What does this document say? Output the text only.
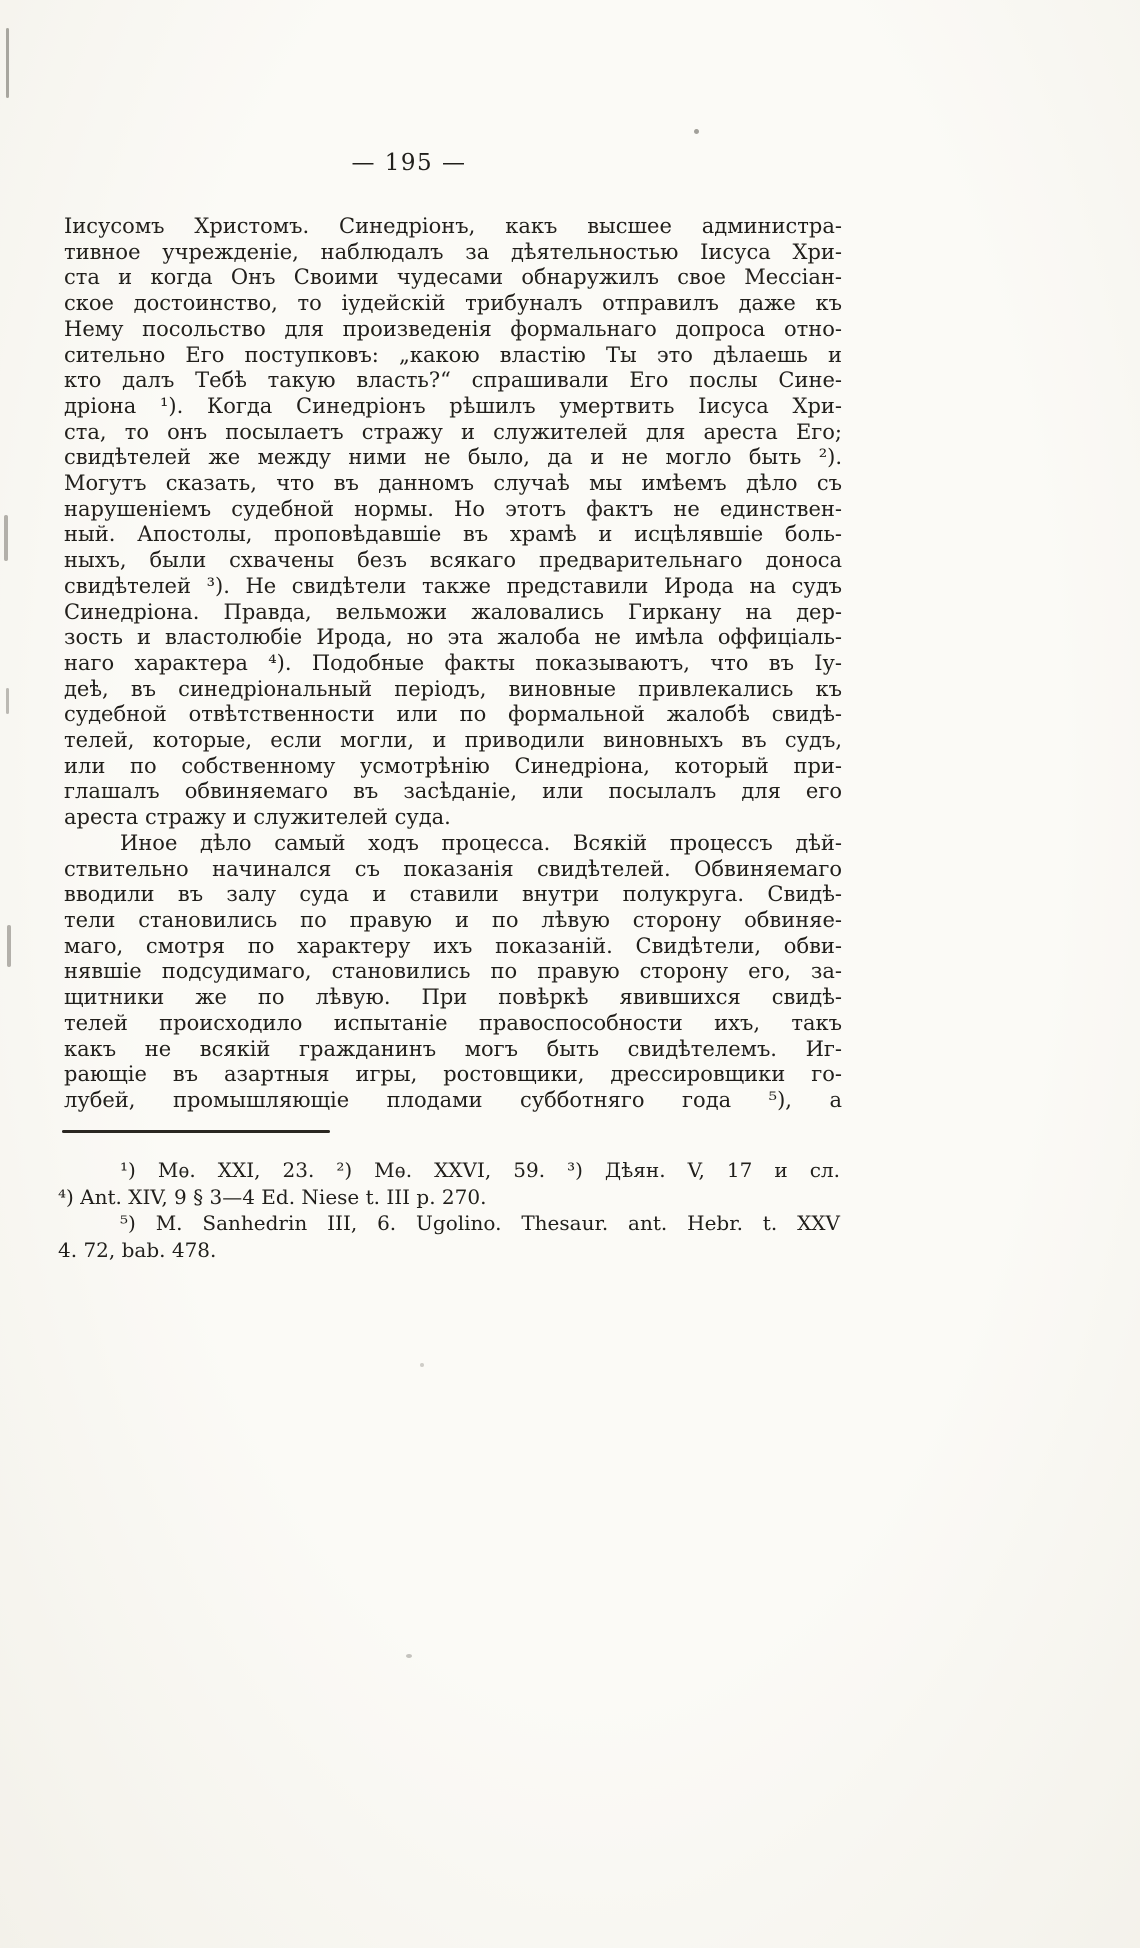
— 195 —
Іисусомъ Христомъ. Синедріонъ, какъ высшее администра-
тивное учрежденіе, наблюдалъ за дѣятельностью Іисуса Хри-
ста и когда Онъ Своими чудесами обнаружилъ свое Мессіан-
ское достоинство, то іудейскій трибуналъ отправилъ даже къ
Нему посольство для произведенія формальнаго допроса отно-
сительно Его поступковъ: „какою властію Ты это дѣлаешь и
кто далъ Тебѣ такую власть?“ спрашивали Его послы Сине-
дріона ¹). Когда Синедріонъ рѣшилъ умертвить Іисуса Хри-
ста, то онъ посылаетъ стражу и служителей для ареста Его;
свидѣтелей же между ними не было, да и не могло быть ²).
Могутъ сказать, что въ данномъ случаѣ мы имѣемъ дѣло съ
нарушеніемъ судебной нормы. Но этотъ фактъ не единствен-
ный. Апостолы, проповѣдавшіе въ храмѣ и исцѣлявшіе боль-
ныхъ, были схвачены безъ всякаго предварительнаго доноса
свидѣтелей ³). Не свидѣтели также представили Ирода на судъ
Синедріона. Правда, вельможи жаловались Гиркану на дер-
зость и властолюбіе Ирода, но эта жалоба не имѣла оффиціаль-
наго характера ⁴). Подобные факты показываютъ, что въ Іу-
деѣ, въ синедріональный періодъ, виновные привлекались къ
судебной отвѣтственности или по формальной жалобѣ свидѣ-
телей, которые, если могли, и приводили виновныхъ въ судъ,
или по собственному усмотрѣнію Синедріона, который при-
глашалъ обвиняемаго въ засѣданіе, или посылалъ для его
ареста стражу и служителей суда.
Иное дѣло самый ходъ процесса. Всякій процессъ дѣй-
ствительно начинался съ показанія свидѣтелей. Обвиняемаго
вводили въ залу суда и ставили внутри полукруга. Свидѣ-
тели становились по правую и по лѣвую сторону обвиняе-
маго, смотря по характеру ихъ показаній. Свидѣтели, обви-
нявшіе подсудимаго, становились по правую сторону его, за-
щитники же по лѣвую. При повѣркѣ явившихся свидѣ-
телей происходило испытаніе правоспособности ихъ, такъ
какъ не всякій гражданинъ могъ быть свидѣтелемъ. Иг-
рающіе въ азартныя игры, ростовщики, дрессировщики го-
лубей, промышляющіе плодами субботняго года ⁵), а
¹) Мѳ. XXI, 23. ²) Мѳ. XXVI, 59. ³) Дѣян. V, 17 и сл.
⁴) Ant. XIV, 9 § 3—4 Ed. Niese t. III p. 270.
⁵) M. Sanhedrin III, 6. Ugolino. Thesaur. ant. Hebr. t. XXV
4. 72, bab. 478.
